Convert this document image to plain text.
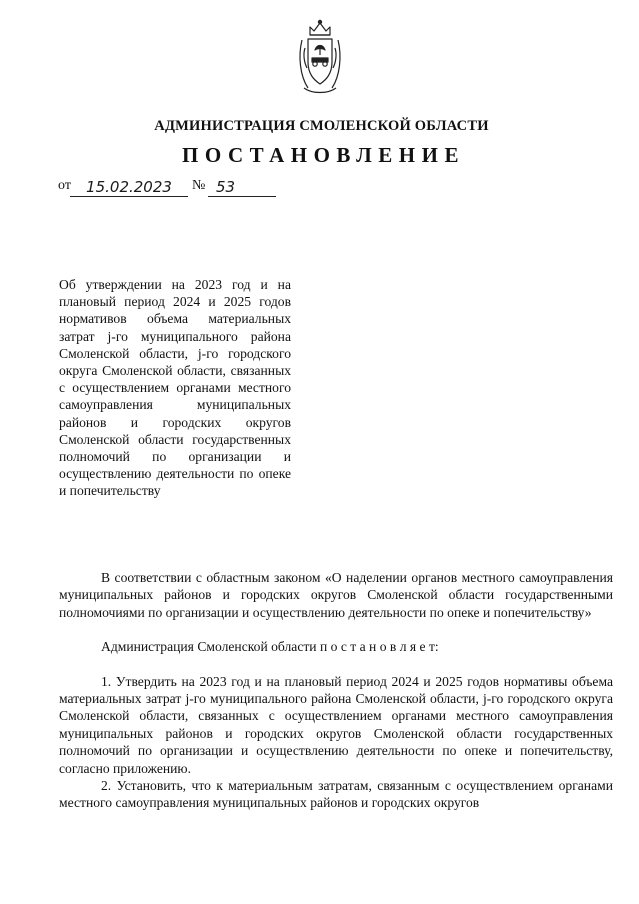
АДМИНИСТРАЦИЯ СМОЛЕНСКОЙ ОБЛАСТИ
ПОСТАНОВЛЕНИЕ
от	15.02.2023	№ 53
Об утверждении на 2023 год и на плановый период 2024 и 2025 годов нормативов объема материальных затрат j-го муниципального района Смоленской области, j-го городского округа Смоленской области, связанных с осуществлением органами местного самоуправления муниципальных районов и городских округов Смоленской области государственных полномочий по организации и осуществлению деятельности по опеке и попечительству

В соответствии с областным законом «О наделении органов местного самоуправления муниципальных районов и городских округов Смоленской области государственными полномочиями по организации и осуществлению деятельности по опеке и попечительству»

Администрация Смоленской области п о с т а н о в л я е т:

1. Утвердить на 2023 год и на плановый период 2024 и 2025 годов нормативы объема материальных затрат j-го муниципального района Смоленской области, j-го городского округа Смоленской области, связанных с осуществлением органами местного самоуправления муниципальных районов и городских округов Смоленской области государственных полномочий по организации и осуществлению деятельности по опеке и попечительству, согласно приложению.

2. Установить, что к материальным затратам, связанным с осуществлением органами местного самоуправления муниципальных районов и городских округов
